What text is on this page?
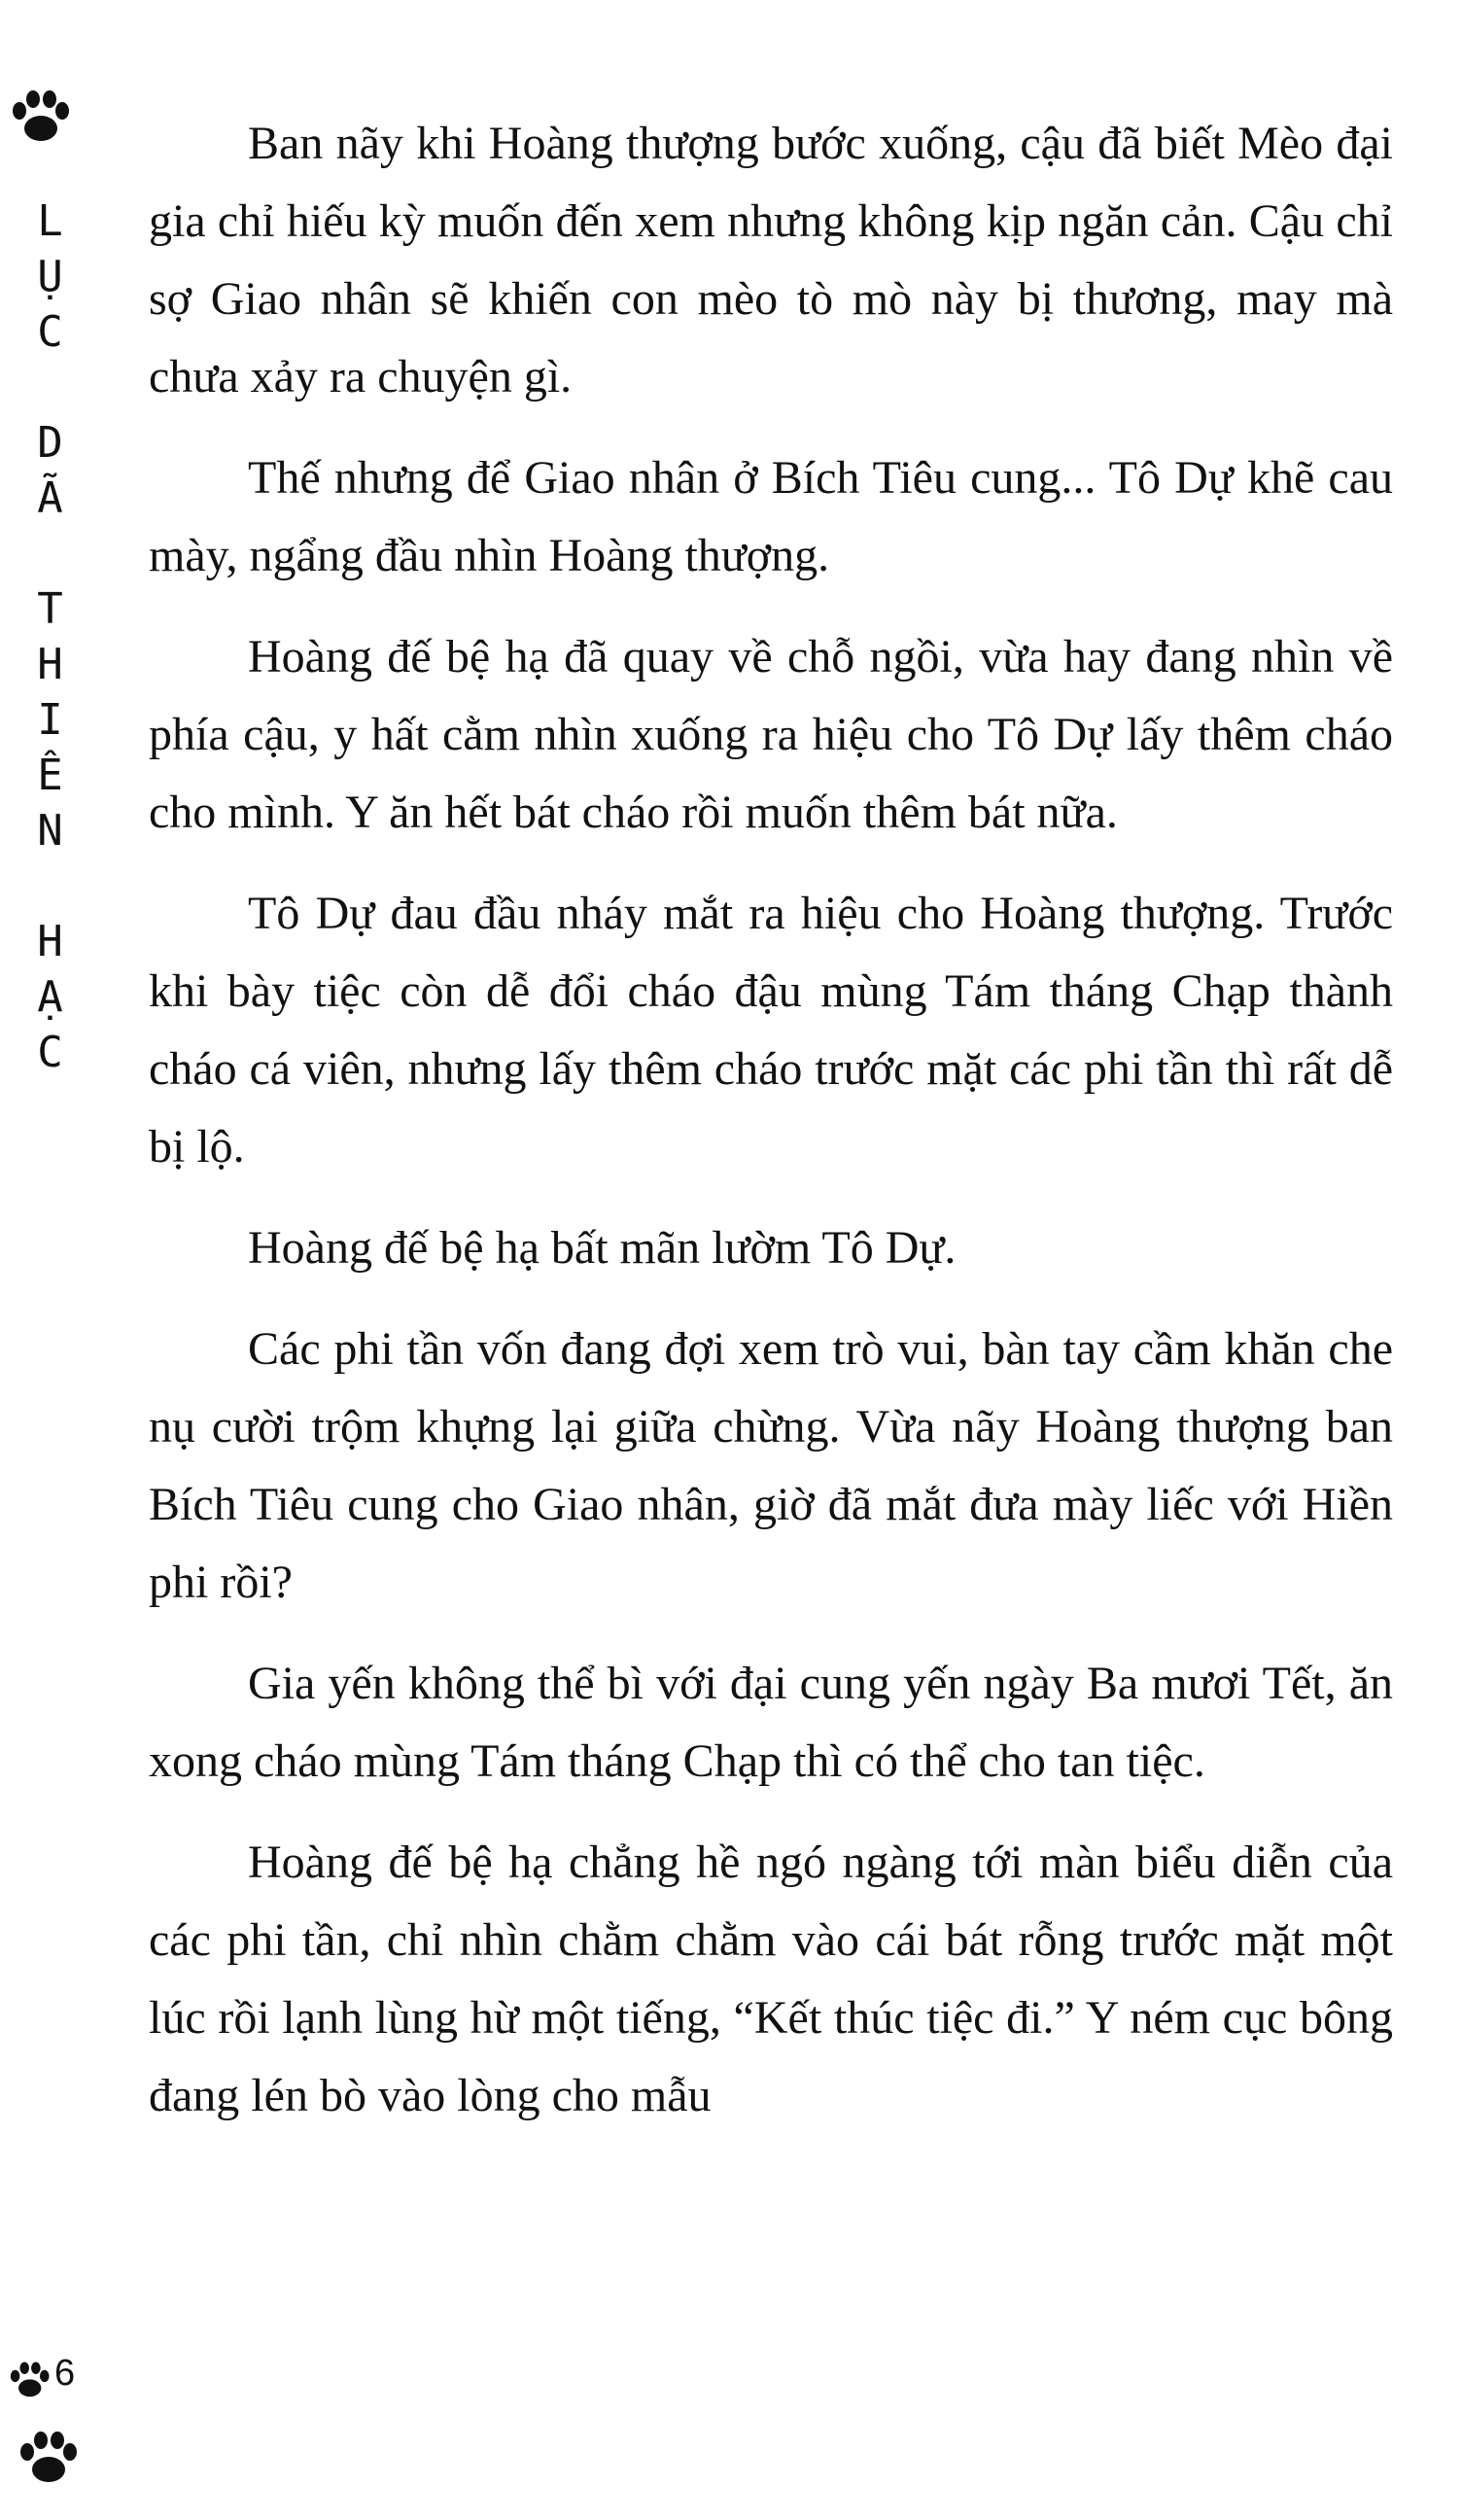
LỤC DÃ THIÊN HẠC

Ban nãy khi Hoàng thượng bước xuống, cậu đã biết Mèo đại gia chỉ hiếu kỳ muốn đến xem nhưng không kịp ngăn cản. Cậu chỉ sợ Giao nhân sẽ khiến con mèo tò mò này bị thương, may mà chưa xảy ra chuyện gì.

Thế nhưng để Giao nhân ở Bích Tiêu cung... Tô Dự khẽ cau mày, ngẩng đầu nhìn Hoàng thượng.

Hoàng đế bệ hạ đã quay về chỗ ngồi, vừa hay đang nhìn về phía cậu, y hất cằm nhìn xuống ra hiệu cho Tô Dự lấy thêm cháo cho mình. Y ăn hết bát cháo rồi muốn thêm bát nữa.

Tô Dự đau đầu nháy mắt ra hiệu cho Hoàng thượng. Trước khi bày tiệc còn dễ đổi cháo đậu mùng Tám tháng Chạp thành cháo cá viên, nhưng lấy thêm cháo trước mặt các phi tần thì rất dễ bị lộ.

Hoàng đế bệ hạ bất mãn lườm Tô Dự.

Các phi tần vốn đang đợi xem trò vui, bàn tay cầm khăn che nụ cười trộm khựng lại giữa chừng. Vừa nãy Hoàng thượng ban Bích Tiêu cung cho Giao nhân, giờ đã mắt đưa mày liếc với Hiền phi rồi?

Gia yến không thể bì với đại cung yến ngày Ba mươi Tết, ăn xong cháo mùng Tám tháng Chạp thì có thể cho tan tiệc.

Hoàng đế bệ hạ chẳng hề ngó ngàng tới màn biểu diễn của các phi tần, chỉ nhìn chằm chằm vào cái bát rỗng trước mặt một lúc rồi lạnh lùng hừ một tiếng, “Kết thúc tiệc đi.” Y ném cục bông đang lén bò vào lòng cho mẫu

6
